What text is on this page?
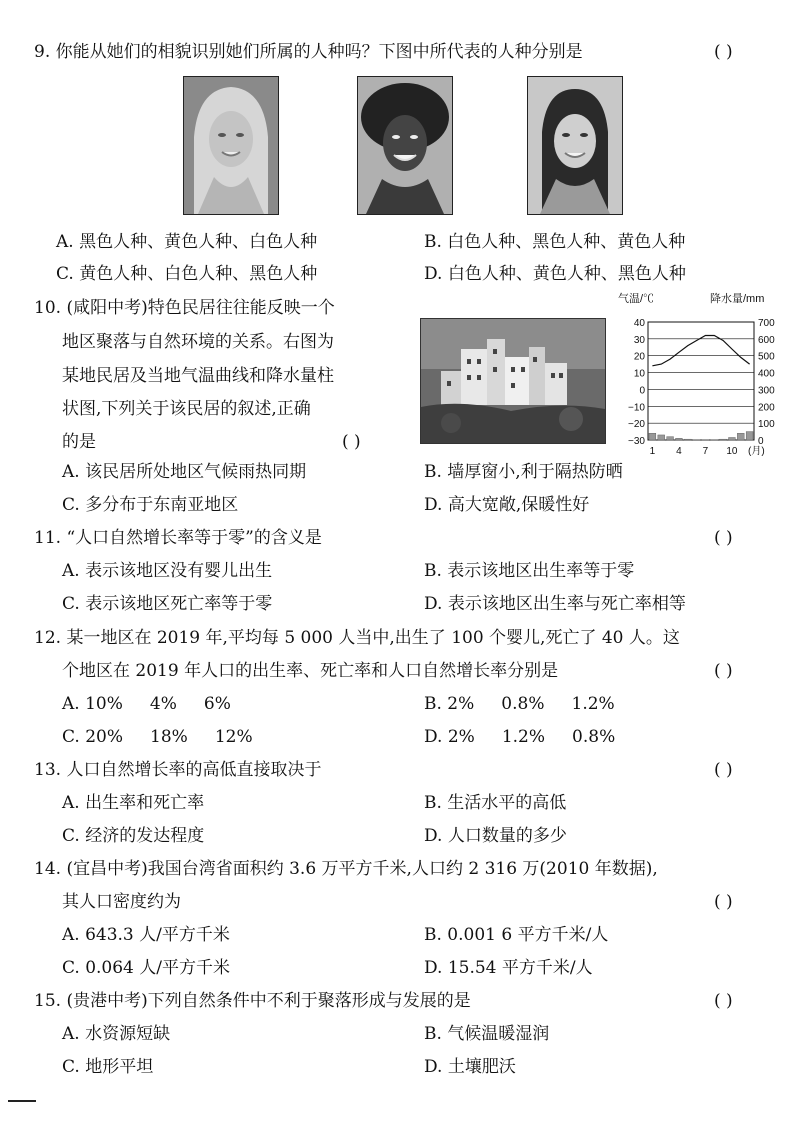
9. 你能从她们的相貌识别她们所属的人种吗？下图中所代表的人种分别是	( )
A. 黑色人种、黄色人种、白色人种	B. 白色人种、黑色人种、黄色人种
C. 黄色人种、白色人种、黑色人种	D. 白色人种、黄色人种、黑色人种
10. (咸阳中考)特色民居往往能反映一个
地区聚落与自然环境的关系。右图为
某地民居及当地气温曲线和降水量柱
状图,下列关于该民居的叙述,正确
的是	( )
气温/℃	降水量/mm
40
30
20
10
0
−10
−20
−30
700
600
500
400
300
200
100
0
1 4 7 10 (月)
A. 该民居所处地区气候雨热同期	B. 墙厚窗小,利于隔热防晒
C. 多分布于东南亚地区	D. 高大宽敞,保暖性好
11. “人口自然增长率等于零”的含义是	( )
A. 表示该地区没有婴儿出生	B. 表示该地区出生率等于零
C. 表示该地区死亡率等于零	D. 表示该地区出生率与死亡率相等
12. 某一地区在 2019 年,平均每 5 000 人当中,出生了 100 个婴儿,死亡了 40 人。这
个地区在 2019 年人口的出生率、死亡率和人口自然增长率分别是	( )
A. 10%     4%     6%	B. 2%     0.8%     1.2%
C. 20%     18%     12%	D. 2%     1.2%     0.8%
13. 人口自然增长率的高低直接取决于	( )
A. 出生率和死亡率	B. 生活水平的高低
C. 经济的发达程度	D. 人口数量的多少
14. (宜昌中考)我国台湾省面积约 3.6 万平方千米,人口约 2 316 万(2010 年数据),
其人口密度约为	( )
A. 643.3 人/平方千米	B. 0.001 6 平方千米/人
C. 0.064 人/平方千米	D. 15.54 平方千米/人
15. (贵港中考)下列自然条件中不利于聚落形成与发展的是	( )
A. 水资源短缺	B. 气候温暖湿润
C. 地形平坦	D. 土壤肥沃
